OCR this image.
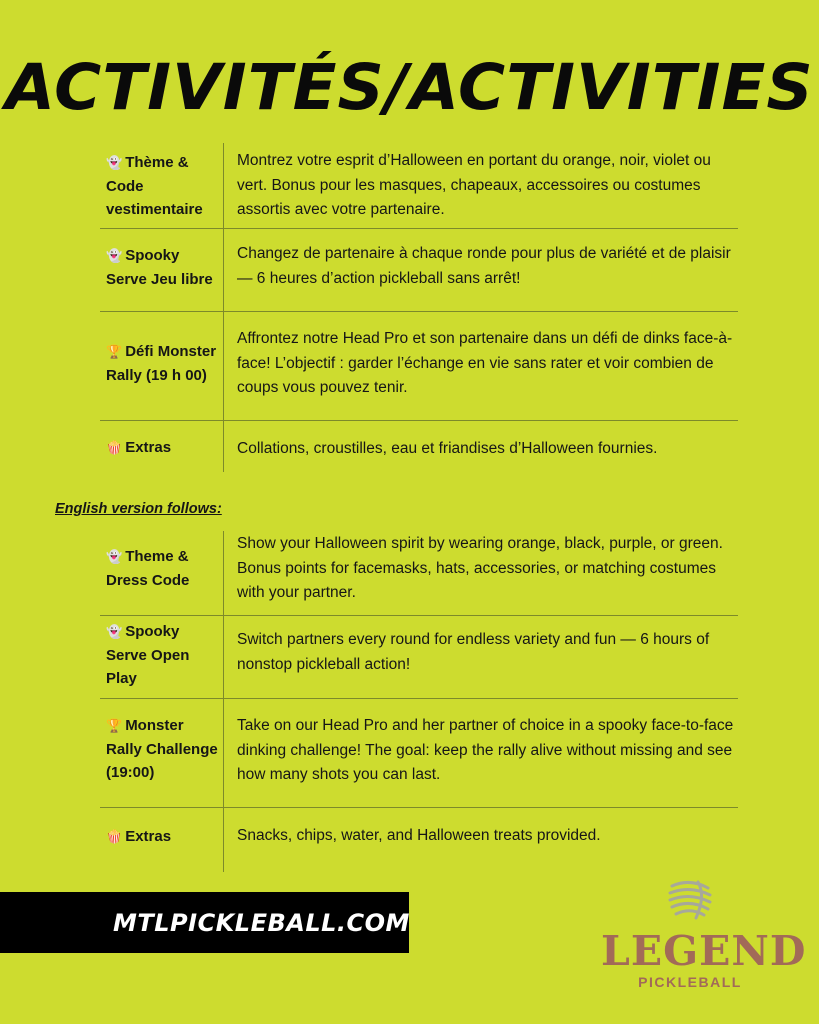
ACTIVITÉS/ACTIVITIES
👻 Thème & Code vestimentaire
Montrez votre esprit d’Halloween en portant du orange, noir, violet ou vert. Bonus pour les masques, chapeaux, accessoires ou costumes assortis avec votre partenaire.
👻 Spooky Serve Jeu libre
Changez de partenaire à chaque ronde pour plus de variété et de plaisir — 6 heures d’action pickleball sans arrêt!
🏆 Défi Monster Rally (19 h 00)
Affrontez notre Head Pro et son partenaire dans un défi de dinks face-à-face! L’objectif : garder l’échange en vie sans rater et voir combien de coups vous pouvez tenir.
🍿 Extras	Collations, croustilles, eau et friandises d’Halloween fournies.
English version follows:
👻 Theme & Dress Code
Show your Halloween spirit by wearing orange, black, purple, or green. Bonus points for facemasks, hats, accessories, or matching costumes with your partner.
👻 Spooky Serve Open Play
Switch partners every round for endless variety and fun — 6 hours of nonstop pickleball action!
🏆 Monster Rally Challenge (19:00)
Take on our Head Pro and her partner of choice in a spooky face-to-face dinking challenge! The goal: keep the rally alive without missing and see how many shots you can last.
🍿 Extras	Snacks, chips, water, and Halloween treats provided.
MTLPICKLEBALL.COM
LEGEND
PICKLEBALL
